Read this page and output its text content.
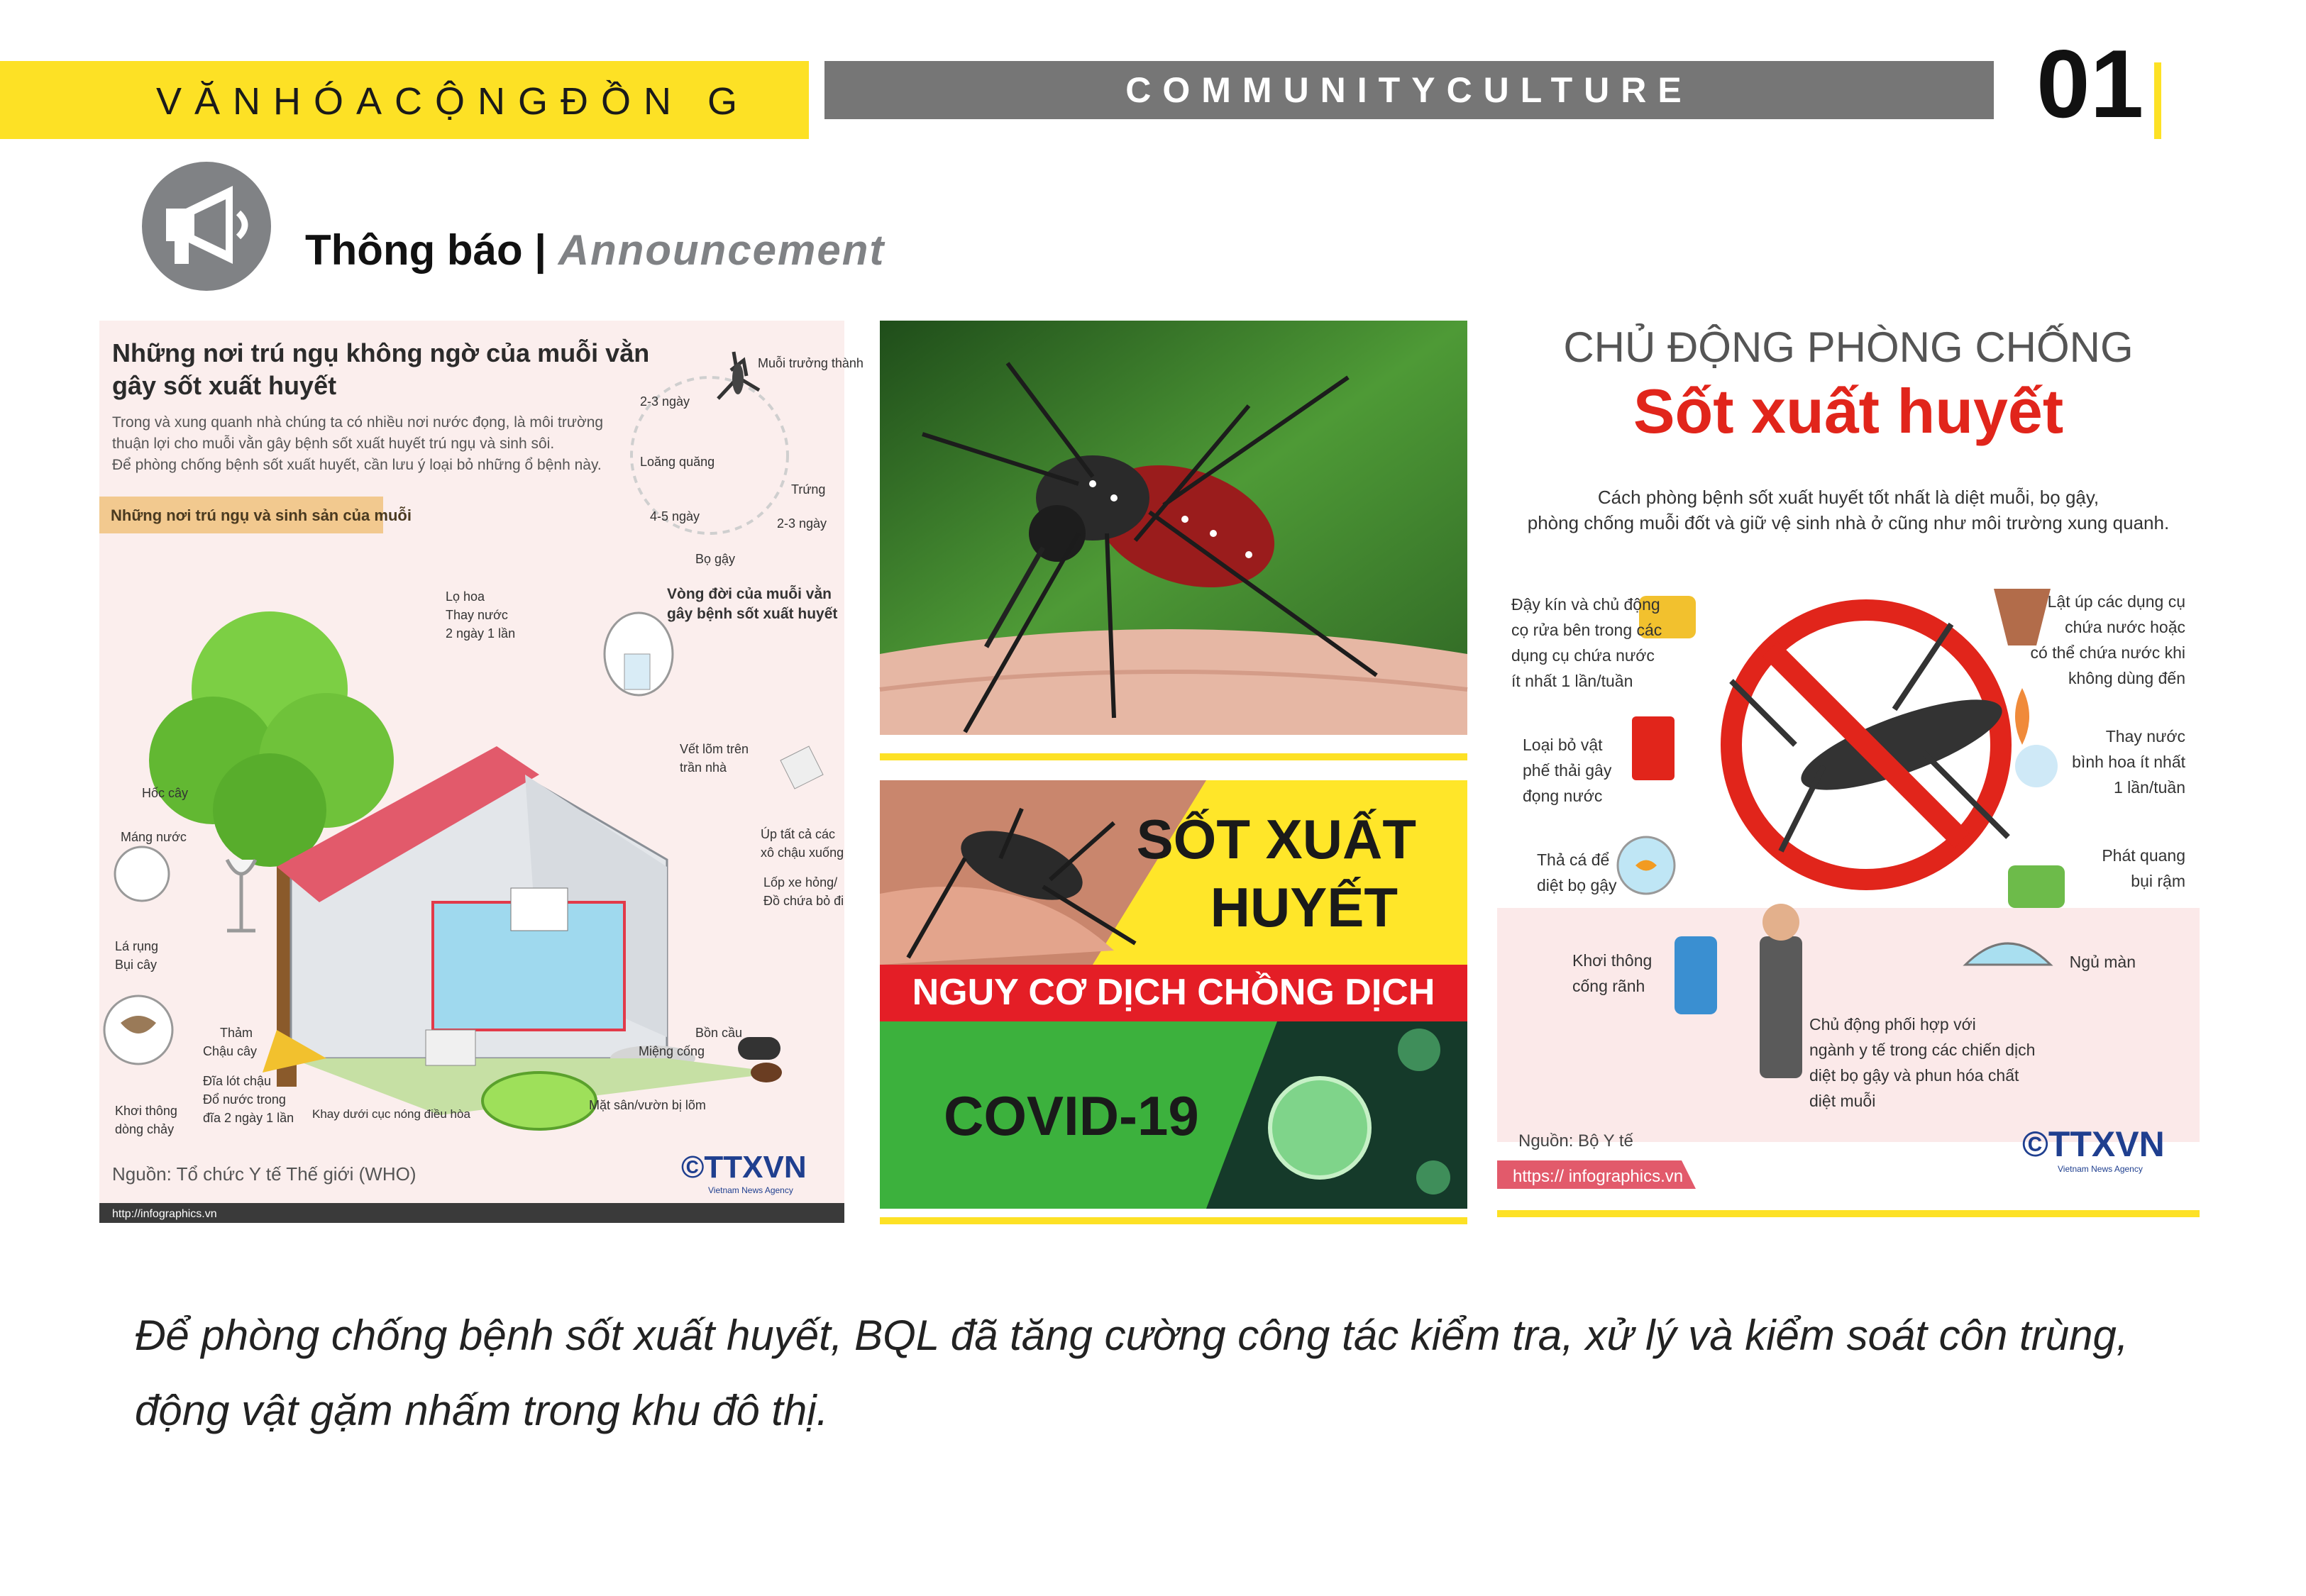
VĂNHÓACỘNGĐỒN G	COMMUNITYCULTURE	01
Thông báo | Announcement
Những nơi trú ngụ không ngờ của muỗi vằn
gây sốt xuất huyết
Trong và xung quanh nhà chúng ta có nhiều nơi nước đọng, là môi trường
thuận lợi cho muỗi vằn gây bệnh sốt xuất huyết trú ngụ và sinh sôi.
Để phòng chống bệnh sốt xuất huyết, cần lưu ý loại bỏ những ổ bệnh này.
Những nơi trú ngụ và sinh sản của muỗi
Muỗi trưởng thành
Trứng
Bọ gậy
Loăng quăng
2-3 ngày
2-3 ngày
4-5 ngày
Vòng đời của muỗi vằn
gây bệnh sốt xuất huyết
Lọ hoa
Thay nước
2 ngày 1 lần
Hốc cây
Máng nước
Lá rụng
Bụi cây
Vết lõm trên
trần nhà
Úp tất cả các
xô chậu xuống
Lốp xe hỏng/
Đồ chứa bỏ đi
Thảm
Chậu cây
Đĩa lót chậu
Đổ nước trong
đĩa 2 ngày 1 lần
Khơi thông
dòng chảy
Khay dưới cục nóng điều hòa
Miệng cống
Bồn cầu
Mặt sân/vườn bị lõm
Nguồn: Tổ chức Y tế Thế giới (WHO)	©TTXVN
Vietnam News Agency
http://infographics.vn
SỐT XUẤT
HUYẾT
NGUY CƠ DỊCH CHỒNG DỊCH
COVID-19
CHỦ ĐỘNG PHÒNG CHỐNG
Sốt xuất huyết
Cách phòng bệnh sốt xuất huyết tốt nhất là diệt muỗi, bọ gậy,
phòng chống muỗi đốt và giữ vệ sinh nhà ở cũng như môi trường xung quanh.
Đậy kín và chủ động
cọ rửa bên trong các
dụng cụ chứa nước
ít nhất 1 lần/tuần
Loại bỏ vật
phế thải gây
đọng nước
Thả cá để
diệt bọ gậy
Khơi thông
cống rãnh
Lật úp các dụng cụ
chứa nước hoặc
có thể chứa nước khi
không dùng đến
Thay nước
bình hoa ít nhất
1 lần/tuần
Phát quang
bụi rậm
Ngủ màn
Chủ động phối hợp với
ngành y tế trong các chiến dịch
diệt bọ gậy và phun hóa chất
diệt muỗi
Nguồn: Bộ Y tế	©TTXVN
Vietnam News Agency
https:// infographics.vn
Để phòng chống bệnh sốt xuất huyết, BQL đã tăng cường công tác kiểm tra, xử lý và kiểm soát côn trùng, động vật gặm nhấm trong khu đô thị.
